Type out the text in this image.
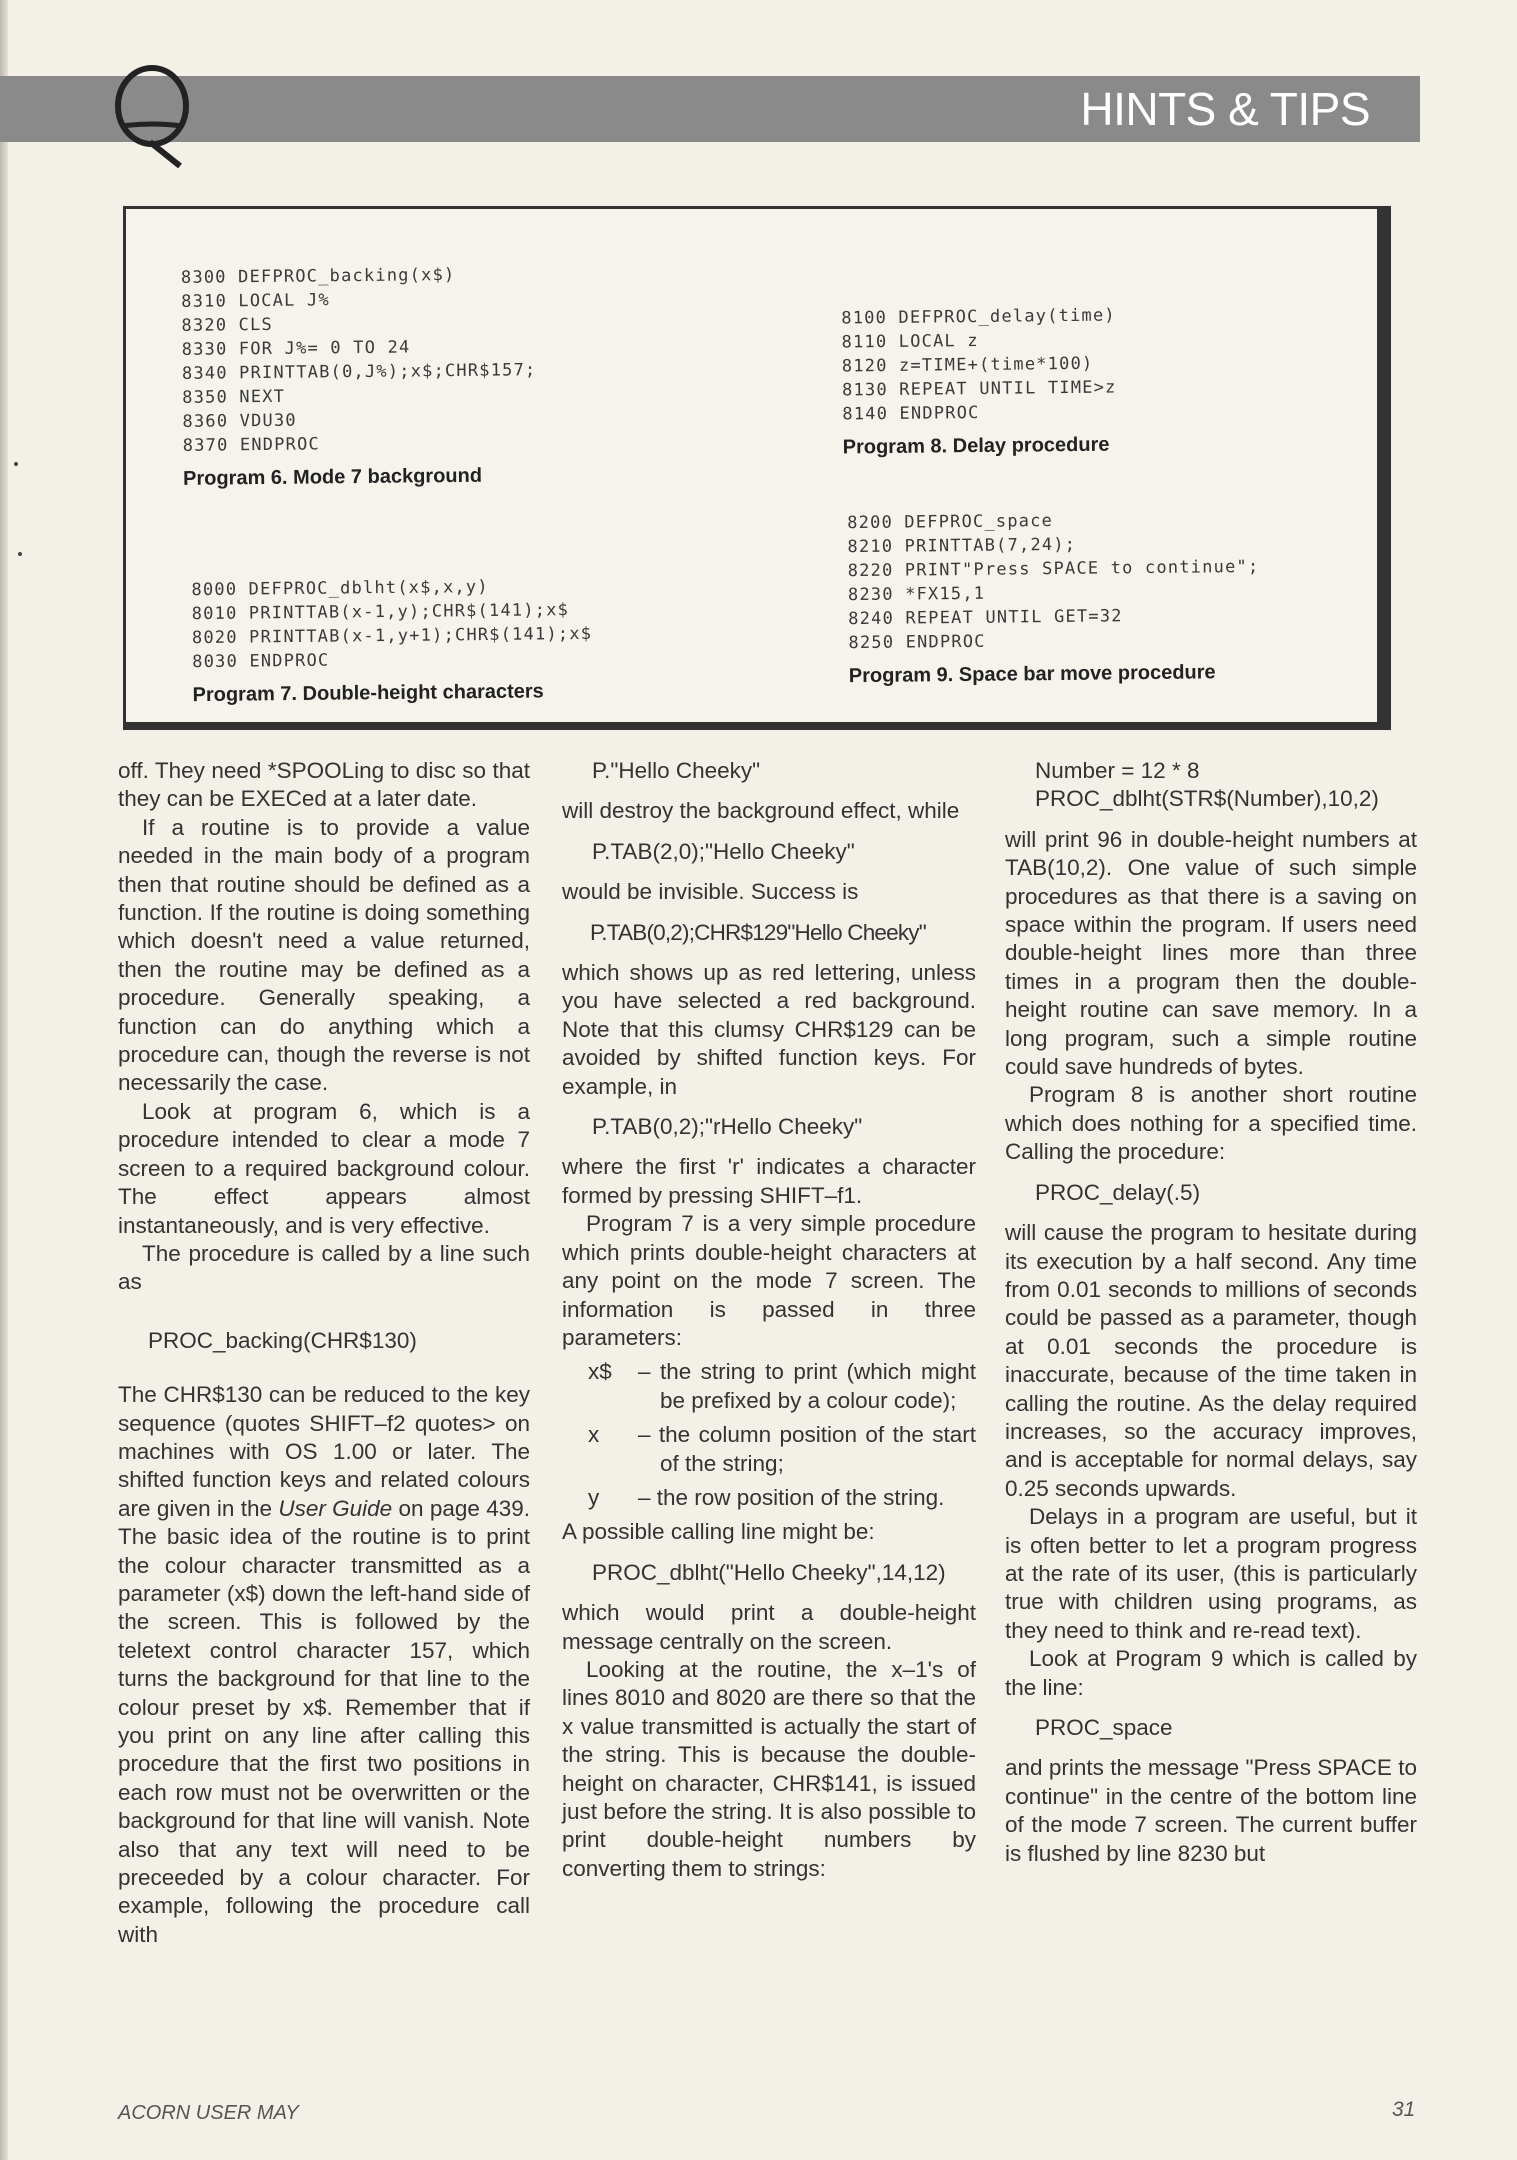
HINTS & TIPS
8300 DEFPROC_backing(x$)
8310 LOCAL J%
8320 CLS
8330 FOR J%= 0 TO 24
8340 PRINTTAB(0,J%);x$;CHR$157;
8350 NEXT
8360 VDU30
8370 ENDPROC
Program 6. Mode 7 background
8000 DEFPROC_dblht(x$,x,y)
8010 PRINTTAB(x-1,y);CHR$(141);x$
8020 PRINTTAB(x-1,y+1);CHR$(141);x$
8030 ENDPROC
Program 7. Double-height characters
8100 DEFPROC_delay(time)
8110 LOCAL z
8120 z=TIME+(time*100)
8130 REPEAT UNTIL TIME>z
8140 ENDPROC
Program 8. Delay procedure
8200 DEFPROC_space
8210 PRINTTAB(7,24);
8220 PRINT"Press SPACE to continue";
8230 *FX15,1
8240 REPEAT UNTIL GET=32
8250 ENDPROC
Program 9. Space bar move procedure

off. They need *SPOOLing to disc so that they can be EXECed at a later date.

If a routine is to provide a value needed in the main body of a program then that routine should be defined as a function. If the routine is doing something which doesn't need a value returned, then the routine may be defined as a procedure. Generally speaking, a function can do anything which a procedure can, though the reverse is not necessarily the case.

Look at program 6, which is a procedure intended to clear a mode 7 screen to a required background colour. The effect appears almost instantaneously, and is very effective.

The procedure is called by a line such as

PROC_backing(CHR$130)

The CHR$130 can be reduced to the key sequence (quotes SHIFT–f2 quotes> on machines with OS 1.00 or later. The shifted function keys and related colours are given in the User Guide on page 439. The basic idea of the routine is to print the colour character transmitted as a parameter (x$) down the left-hand side of the screen. This is followed by the teletext control character 157, which turns the background for that line to the colour preset by x$. Remember that if you print on any line after calling this procedure that the first two positions in each row must not be overwritten or the background for that line will vanish. Note also that any text will need to be preceeded by a colour character. For example, following the procedure call with

P."Hello Cheeky"

will destroy the background effect, while

P.TAB(2,0);"Hello Cheeky"

would be invisible. Success is

P.TAB(0,2);CHR$129"Hello Cheeky"

which shows up as red lettering, unless you have selected a red background. Note that this clumsy CHR$129 can be avoided by shifted function keys. For example, in

P.TAB(0,2);"rHello Cheeky"

where the first 'r' indicates a character formed by pressing SHIFT–f1.

Program 7 is a very simple procedure which prints double-height characters at any point on the mode 7 screen. The information is passed in three parameters:

x$	– the string to print (which might be prefixed by a colour code);
x	– the column position of the start of the string;
y	– the row position of the string.

A possible calling line might be:

PROC_dblht("Hello Cheeky",14,12)

which would print a double-height message centrally on the screen.

Looking at the routine, the x–1's of lines 8010 and 8020 are there so that the x value transmitted is actually the start of the string. This is because the double-height on character, CHR$141, is issued just before the string. It is also possible to print double-height numbers by converting them to strings:

Number = 12 * 8

PROC_dblht(STR$(Number),10,2)

will print 96 in double-height numbers at TAB(10,2). One value of such simple procedures as that there is a saving on space within the program. If users need double-height lines more than three times in a program then the double-height routine can save memory. In a long program, such a simple routine could save hundreds of bytes.

Program 8 is another short routine which does nothing for a specified time. Calling the procedure:

PROC_delay(.5)

will cause the program to hesitate during its execution by a half second. Any time from 0.01 seconds to millions of seconds could be passed as a parameter, though at 0.01 seconds the procedure is inaccurate, because of the time taken in calling the routine. As the delay required increases, so the accuracy improves, and is acceptable for normal delays, say 0.25 seconds upwards.

Delays in a program are useful, but it is often better to let a program progress at the rate of its user, (this is particularly true with children using programs, as they need to think and re-read text).

Look at Program 9 which is called by the line:

PROC_space

and prints the message "Press SPACE to continue" in the centre of the bottom line of the mode 7 screen. The current buffer is flushed by line 8230 but

ACORN USER MAY	31
